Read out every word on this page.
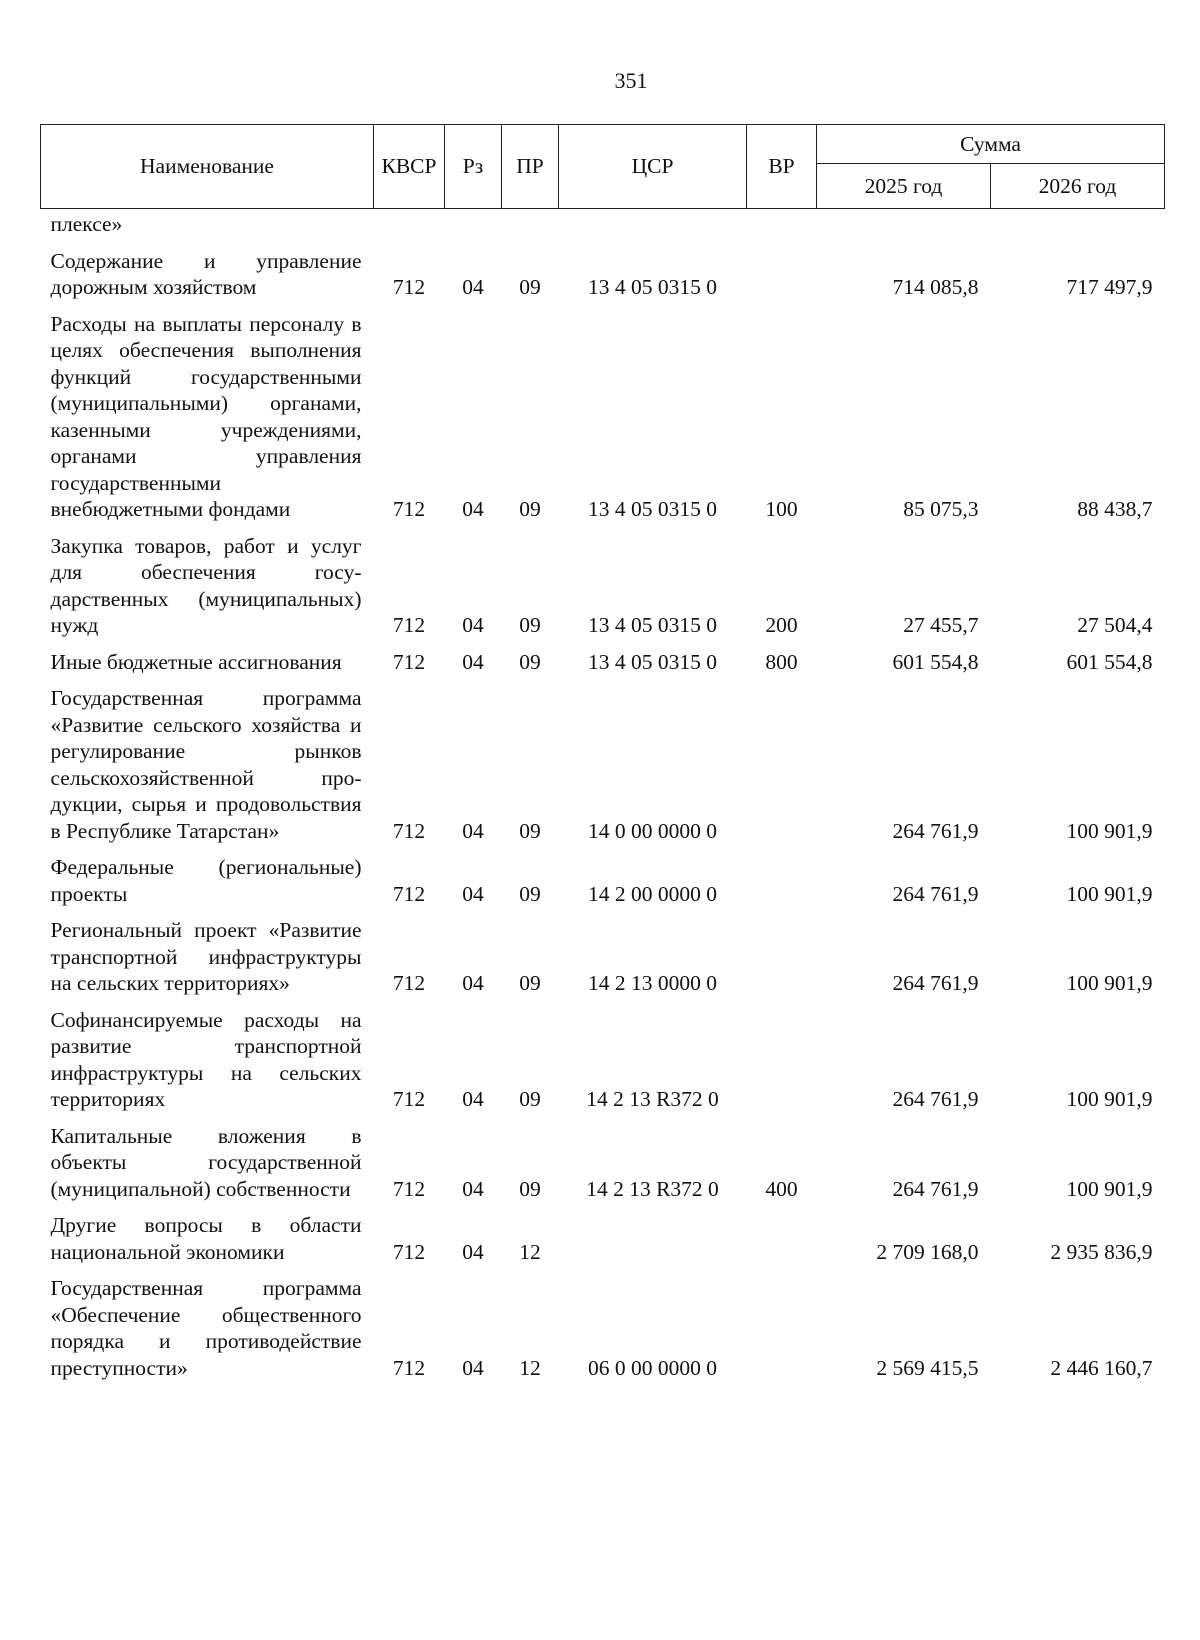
351
Наименование	КВСР	Рз	ПР	ЦСР	ВР	Сумма	
						2025 год	2026 год
плексе»							
Содержание и управление дорожным хозяйством	712	04	09	13 4 05 0315 0		714 085,8	717 497,9
Расходы на выплаты персоналу в целях обеспечения выполнения функций государственными (муниципальными) органами, казенными учреждениями, органами управления государственными внебюджетными фондами	712	04	09	13 4 05 0315 0	100	85 075,3	88 438,7
Закупка товаров, работ и услуг для обеспечения государственных (муниципальных) нужд	712	04	09	13 4 05 0315 0	200	27 455,7	27 504,4
Иные бюджетные ассигнования	712	04	09	13 4 05 0315 0	800	601 554,8	601 554,8
Государственная программа «Развитие сельского хозяйства и регулирование рынков сельскохозяйственной продукции, сырья и продовольствия в Республике Татарстан»	712	04	09	14 0 00 0000 0		264 761,9	100 901,9
Федеральные (региональные) проекты	712	04	09	14 2 00 0000 0		264 761,9	100 901,9
Региональный проект «Развитие транспортной инфраструктуры на сельских территориях»	712	04	09	14 2 13 0000 0		264 761,9	100 901,9
Софинансируемые расходы на развитие транспортной инфраструктуры на сельских территориях	712	04	09	14 2 13 R372 0		264 761,9	100 901,9
Капитальные вложения в объекты государственной (муниципальной) собственности	712	04	09	14 2 13 R372 0	400	264 761,9	100 901,9
Другие вопросы в области национальной экономики	712	04	12			2 709 168,0	2 935 836,9
Государственная программа «Обеспечение общественного порядка и противодействие преступности»	712	04	12	06 0 00 0000 0		2 569 415,5	2 446 160,7
